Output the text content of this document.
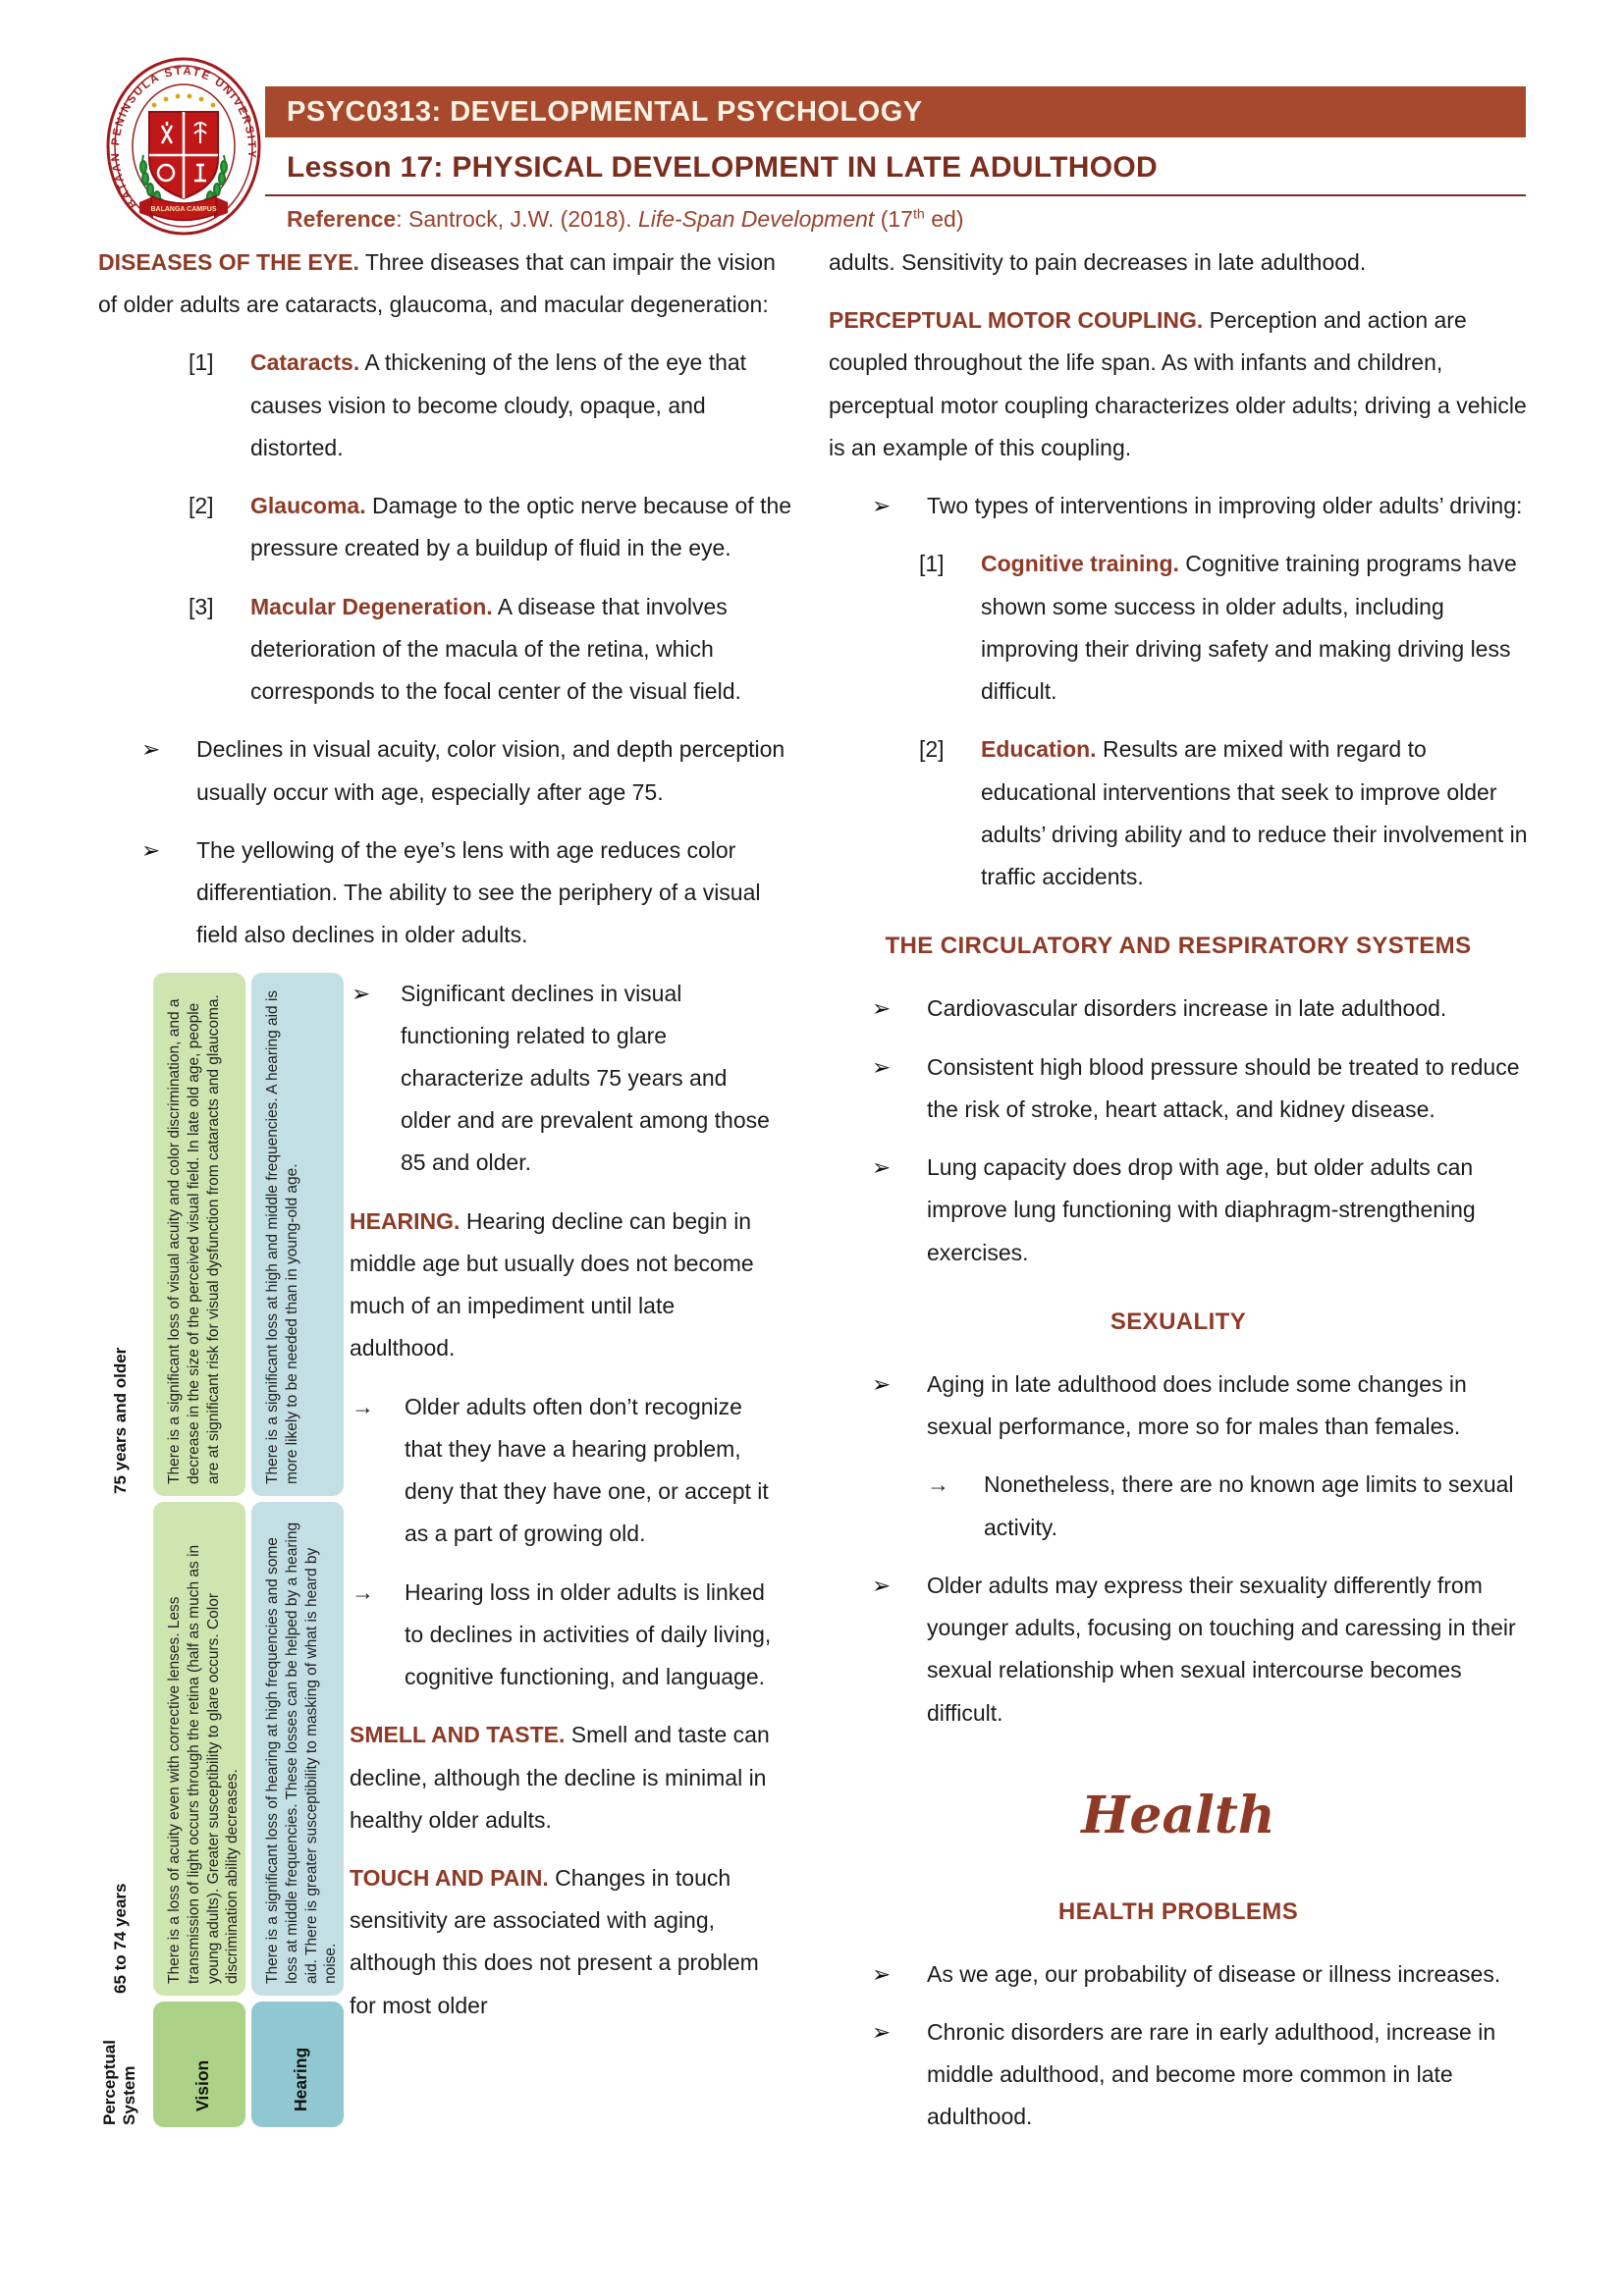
BATAAN PENINSULA STATE UNIVERSITY
BALANGA CAMPUS
PSYC0313: DEVELOPMENTAL PSYCHOLOGY
Lesson 17: PHYSICAL DEVELOPMENT IN LATE ADULTHOOD
Reference: Santrock, J.W. (2018). Life-Span Development (17th ed)

DISEASES OF THE EYE. Three diseases that can impair the vision of older adults are cataracts, glaucoma, and macular degeneration:

[1] Cataracts. A thickening of the lens of the eye that causes vision to become cloudy, opaque, and distorted.
[2] Glaucoma. Damage to the optic nerve because of the pressure created by a buildup of fluid in the eye.
[3] Macular Degeneration. A disease that involves deterioration of the macula of the retina, which corresponds to the focal center of the visual field.
➢ Declines in visual acuity, color vision, and depth perception usually occur with age, especially after age 75.
➢ The yellowing of the eye’s lens with age reduces color differentiation. The ability to see the periphery of a visual field also declines in older adults.
75 years and older	There is a significant loss of visual acuity and color discrimination, and a decrease in the size of the perceived visual field. In late old age, people are at significant risk for visual dysfunction from cataracts and glaucoma.	There is a significant loss at high and middle frequencies. A hearing aid is more likely to be needed than in young-old age.
65 to 74 years	There is a loss of acuity even with corrective lenses. Less transmission of light occurs through the retina (half as much as in young adults). Greater susceptibility to glare occurs. Color discrimination ability decreases.	There is a significant loss of hearing at high frequencies and some loss at middle frequencies. These losses can be helped by a hearing aid. There is greater susceptibility to masking of what is heard by noise.
Perceptual System	Vision	Hearing
➢ Significant declines in visual functioning related to glare characterize adults 75 years and older and are prevalent among those 85 and older.

HEARING. Hearing decline can begin in middle age but usually does not become much of an impediment until late adulthood.

→ Older adults often don’t recognize that they have a hearing problem, deny that they have one, or accept it as a part of growing old.
→ Hearing loss in older adults is linked to declines in activities of daily living, cognitive functioning, and language.

SMELL AND TASTE. Smell and taste can decline, although the decline is minimal in healthy older adults.

TOUCH AND PAIN. Changes in touch sensitivity are associated with aging, although this does not present a problem for most older

adults. Sensitivity to pain decreases in late adulthood.

PERCEPTUAL MOTOR COUPLING. Perception and action are coupled throughout the life span. As with infants and children, perceptual motor coupling characterizes older adults; driving a vehicle is an example of this coupling.

➢ Two types of interventions in improving older adults’ driving:
[1] Cognitive training. Cognitive training programs have shown some success in older adults, including improving their driving safety and making driving less difficult.
[2] Education. Results are mixed with regard to educational interventions that seek to improve older adults’ driving ability and to reduce their involvement in traffic accidents.
THE CIRCULATORY AND RESPIRATORY SYSTEMS
➢ Cardiovascular disorders increase in late adulthood.
➢ Consistent high blood pressure should be treated to reduce the risk of stroke, heart attack, and kidney disease.
➢ Lung capacity does drop with age, but older adults can improve lung functioning with diaphragm-strengthening exercises.
SEXUALITY
➢ Aging in late adulthood does include some changes in sexual performance, more so for males than females.
→ Nonetheless, there are no known age limits to sexual activity.
➢ Older adults may express their sexuality differently from younger adults, focusing on touching and caressing in their sexual relationship when sexual intercourse becomes difficult.
Health
HEALTH PROBLEMS
➢ As we age, our probability of disease or illness increases.
➢ Chronic disorders are rare in early adulthood, increase in middle adulthood, and become more common in late adulthood.
